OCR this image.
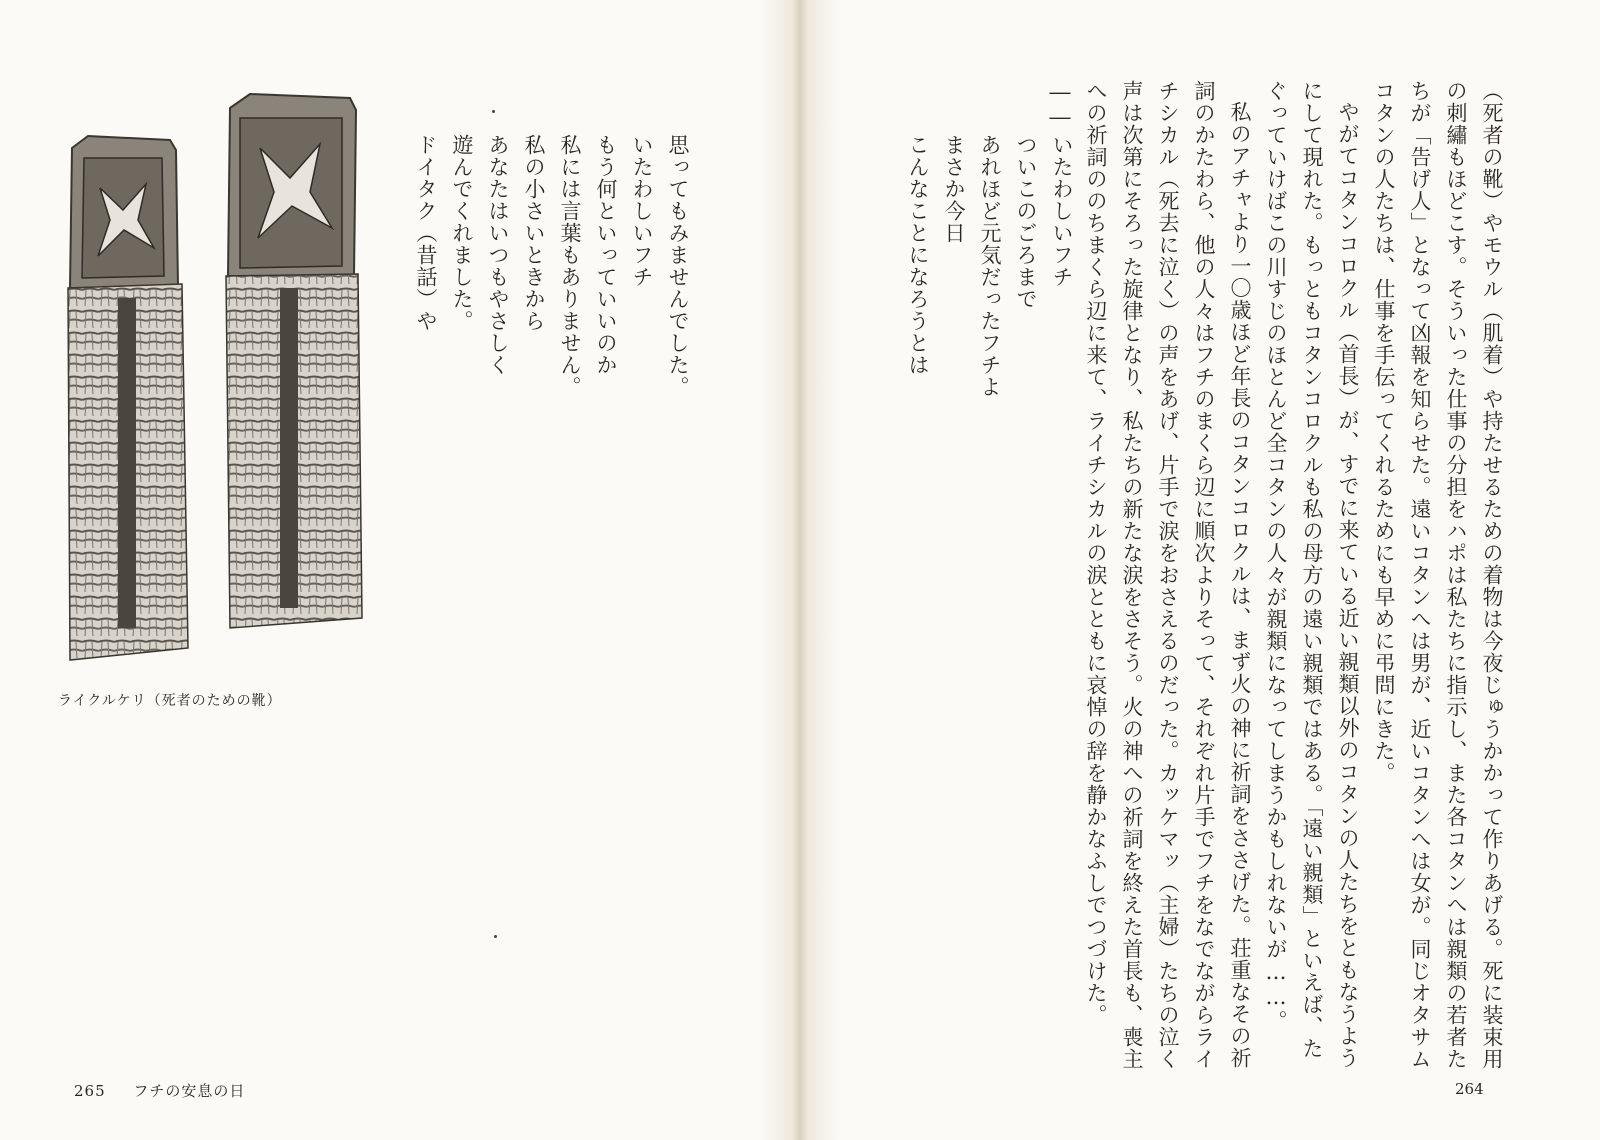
（死者の靴）やモウル（肌着）や持たせるための着物は今夜じゅうかかって作りあげる。死に装束用の刺繡もほどこす。そういった仕事の分担をハポは私たちに指示し、また各コタンへは親類の若者たちが「告げ人」となって凶報を知らせた。遠いコタンへは男が、近いコタンへは女が。同じオタサム コタンの人たちは、仕事を手伝ってくれるためにも早めに弔問にきた。

やがてコタンコロクル（首長）が、すでに来ている近い親類以外のコタンの人たちをともなうようにして現れた。もっともコタンコロクルも私の母方の遠い親類ではある。「遠い親類」といえば、たぐっていけばこの川すじのほとんど全コタンの人々が親類になってしまうかもしれないが……。

私のアチャより一〇歳ほど年長のコタンコロクルは、まず火の神に祈詞をささげた。荘重なその祈詞のかたわら、他の人々はフチのまくら辺に順次よりそって、それぞれ片手でフチをなでながらライチシカル（死去に泣く）の声をあげ、片手で涙をおさえるのだった。カッケマッ（主婦）たちの泣く声は次第にそろった旋律となり、私たちの新たな涙をさそう。火の神への祈詞を終えた首長も、喪主への祈詞ののちまくら辺に来て、ライチシカルの涙とともに哀悼の辞を静かなふしでつづけた。――

いたわしいフチ

ついこのごろまで

あれほど元気だったフチよ

まさか今日

こんなことになろうとは

思ってもみませんでした。

いたわしいフチ

もう何といっていいのか

私には言葉もありません。

私の小さいときから

あなたはいつもやさしく

遊んでくれました。

ドイタク（昔話）や

ライクルケリ（死者のための靴）
265 フチの安息の日	264
